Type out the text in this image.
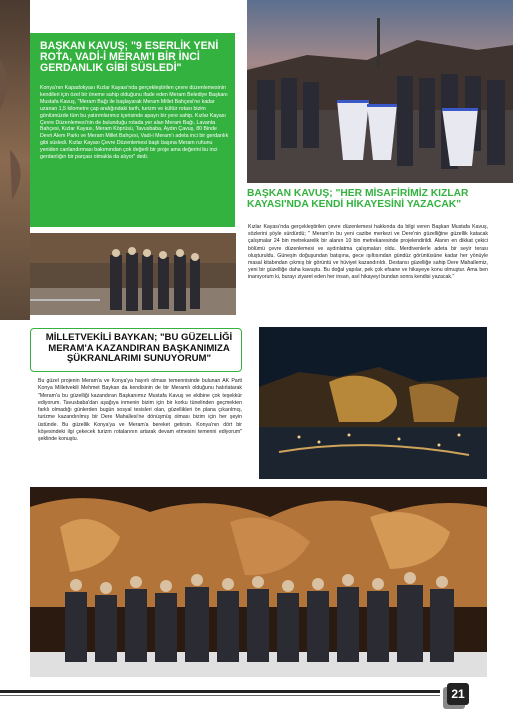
BAŞKAN KAVUŞ; "9 ESERLİK YENİ ROTA, VADİ-İ MERAM'I BİR İNCİ GERDANLIK GİBİ SÜSLEDİ"
Konya'nın Kapadokyası Kızlar Kayası'nda gerçekleştirilen çevre düzenlemesinin kendileri için özel bir öneme sahip olduğunu ifade eden Meram Belediye Başkanı Mustafa Kavuş, "Meram Bağı ile başlayarak Meram Millet Bahçesi'ne kadar uzanan 1,5 kilometre çap aralığındaki tarih, turizm ve kültür rotası bizim gönlümüzde tüm bu yatırımlarımız içerisinde apayrı bir yere sahip. Kızlar Kayası Çevre Düzenlemesi'nin de bulunduğu rotada yer alan Meram Bağı, Lavanta Bahçesi, Kızlar Kayası, Meram Köprüsü, Tavusbaba, Aydın Çavuş, 80 Binde Devri Alem Parkı ve Meram Millet Bahçesi, Vadi-i Meram'ı adeta inci bir gerdanlık gibi süsledi. Kızlar Kayası Çevre Düzenlemesi başlı başına Meram ruhunu yeniden canlandırması bakımından çok değerli bir proje ama değerini bu inci gerdanlığın bir parçası olmakla da alıyor" dedi.
BAŞKAN KAVUŞ; "HER MİSAFİRİMİZ KIZLAR KAYASI'NDA KENDİ HİKAYESİNİ YAZACAK"
Kızlar Kayası'nda gerçekleştirilen çevre düzenlemesi hakkında da bilgi veren Başkan Mustafa Kavuş, sözlerini şöyle sürdürdü; " Meram'ın bu yeni cazibe merkezi ve Dere'nin güzelliğine güzellik katacak çalışmalar 24 bin metrekarelik bir alanın 10 bin metrekaresinde projelendirildi. Alanın en dikkat çekici bölümü çevre düzenlemesi ve aydınlatma çalışmaları oldu. Merdivenlerle adeta bir seyir terası oluşturuldu. Güneşin doğuşundan batışına, gece ışıltısından gündüz görüntüsüne kadar her yönüyle masal kitabından çıkmış bir görüntü ve hüviyet kazandırıldı. Destansı güzelliğe sahip Dere Mahallemiz, yeni bir güzelliğe daha kavuştu. Bu doğal yapılar, pek çok efsane ve hikayeye konu olmuştur. Ama ben inanıyorum ki, burayı ziyaret eden her insan, asıl hikayeyi bundan sonra kendisi yazacak."
MİLLETVEKİLİ BAYKAN; "BU GÜZELLİĞİ MERAM'A KAZANDIRAN BAŞKANIMIZA ŞÜKRANLARIMI SUNUYORUM"
Bu güzel projenin Meram'a ve Konya'ya hayırlı olması temennisinde bulunan AK Parti Konya Milletvekili Mehmet Baykan da kendisinin de bir Meramlı olduğunu hatırlatarak "Meram'a bu güzelliği kazandıran Başkanımız Mustafa Kavuş ve ekibine çok teşekkür ediyorum. Tavusbaba'dan aşağıya inmenin bizim için bir korku tünelinden geçmekten farklı olmadığı günlerden bugün sosyal tesisleri olan, güzellikleri ön plana çıkarılmış, turizme kazandırılmış bir Dere Mahallesi'ne dönüşmüş olması bizim için her şeyin üstünde. Bu güzellik Konya'ya ve Meram'a bereket getirsin. Konya'nın dört bir köşesindeki ilgi çekecek turizm rotalarının artarak devam etmesini temenni ediyorum" şeklinde konuştu.
21
